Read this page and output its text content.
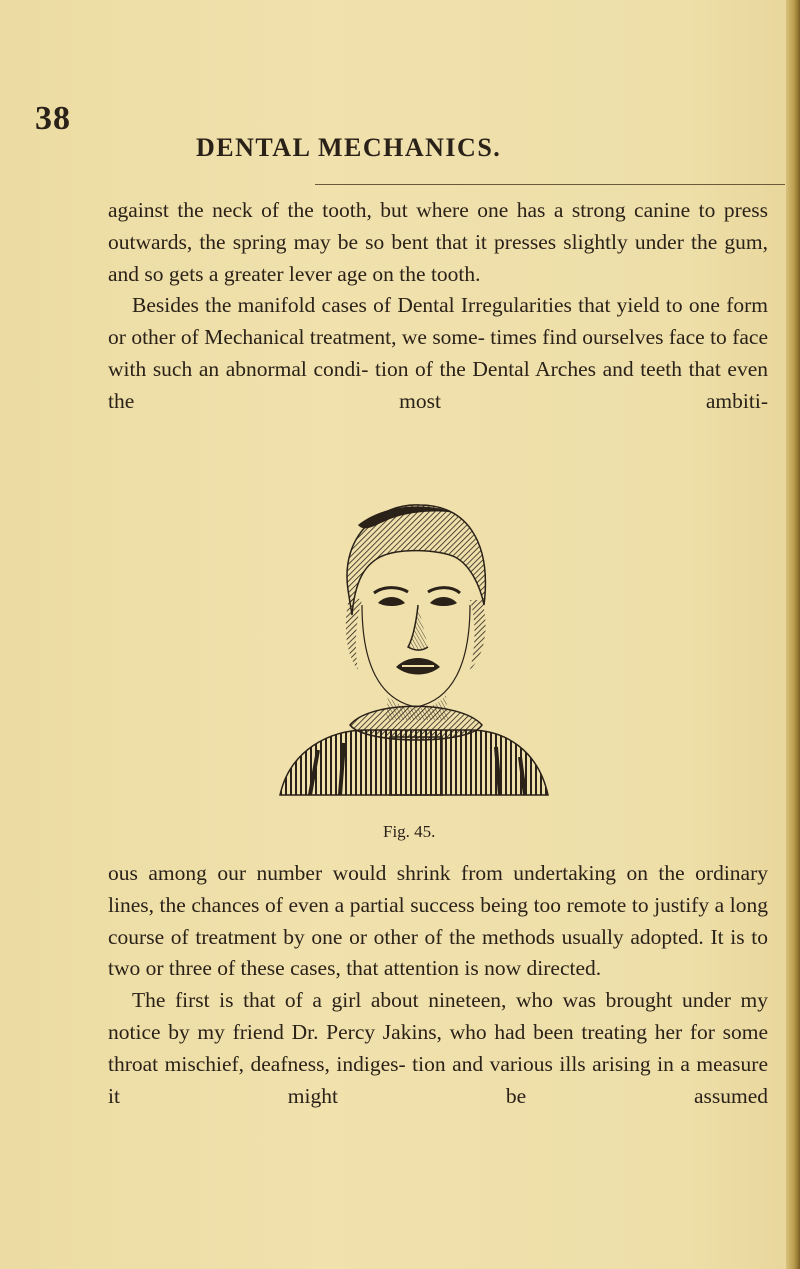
38

DENTAL MECHANICS.

against the neck of the tooth, but where one has a strong canine to press outwards, the spring may be so bent that it presses slightly under the gum, and so gets a greater lever age on the tooth.

Besides the manifold cases of Dental Irregularities that yield to one form or other of Mechanical treatment, we some- times find ourselves face to face with such an abnormal condi- tion of the Dental Arches and teeth that even the most ambiti-

Fig. 45.

ous among our number would shrink from undertaking on the ordinary lines, the chances of even a partial success being too remote to justify a long course of treatment by one or other of the methods usually adopted. It is to two or three of these cases, that attention is now directed.

The first is that of a girl about nineteen, who was brought under my notice by my friend Dr. Percy Jakins, who had been treating her for some throat mischief, deafness, indiges- tion and various ills arising in a measure it might be assumed
